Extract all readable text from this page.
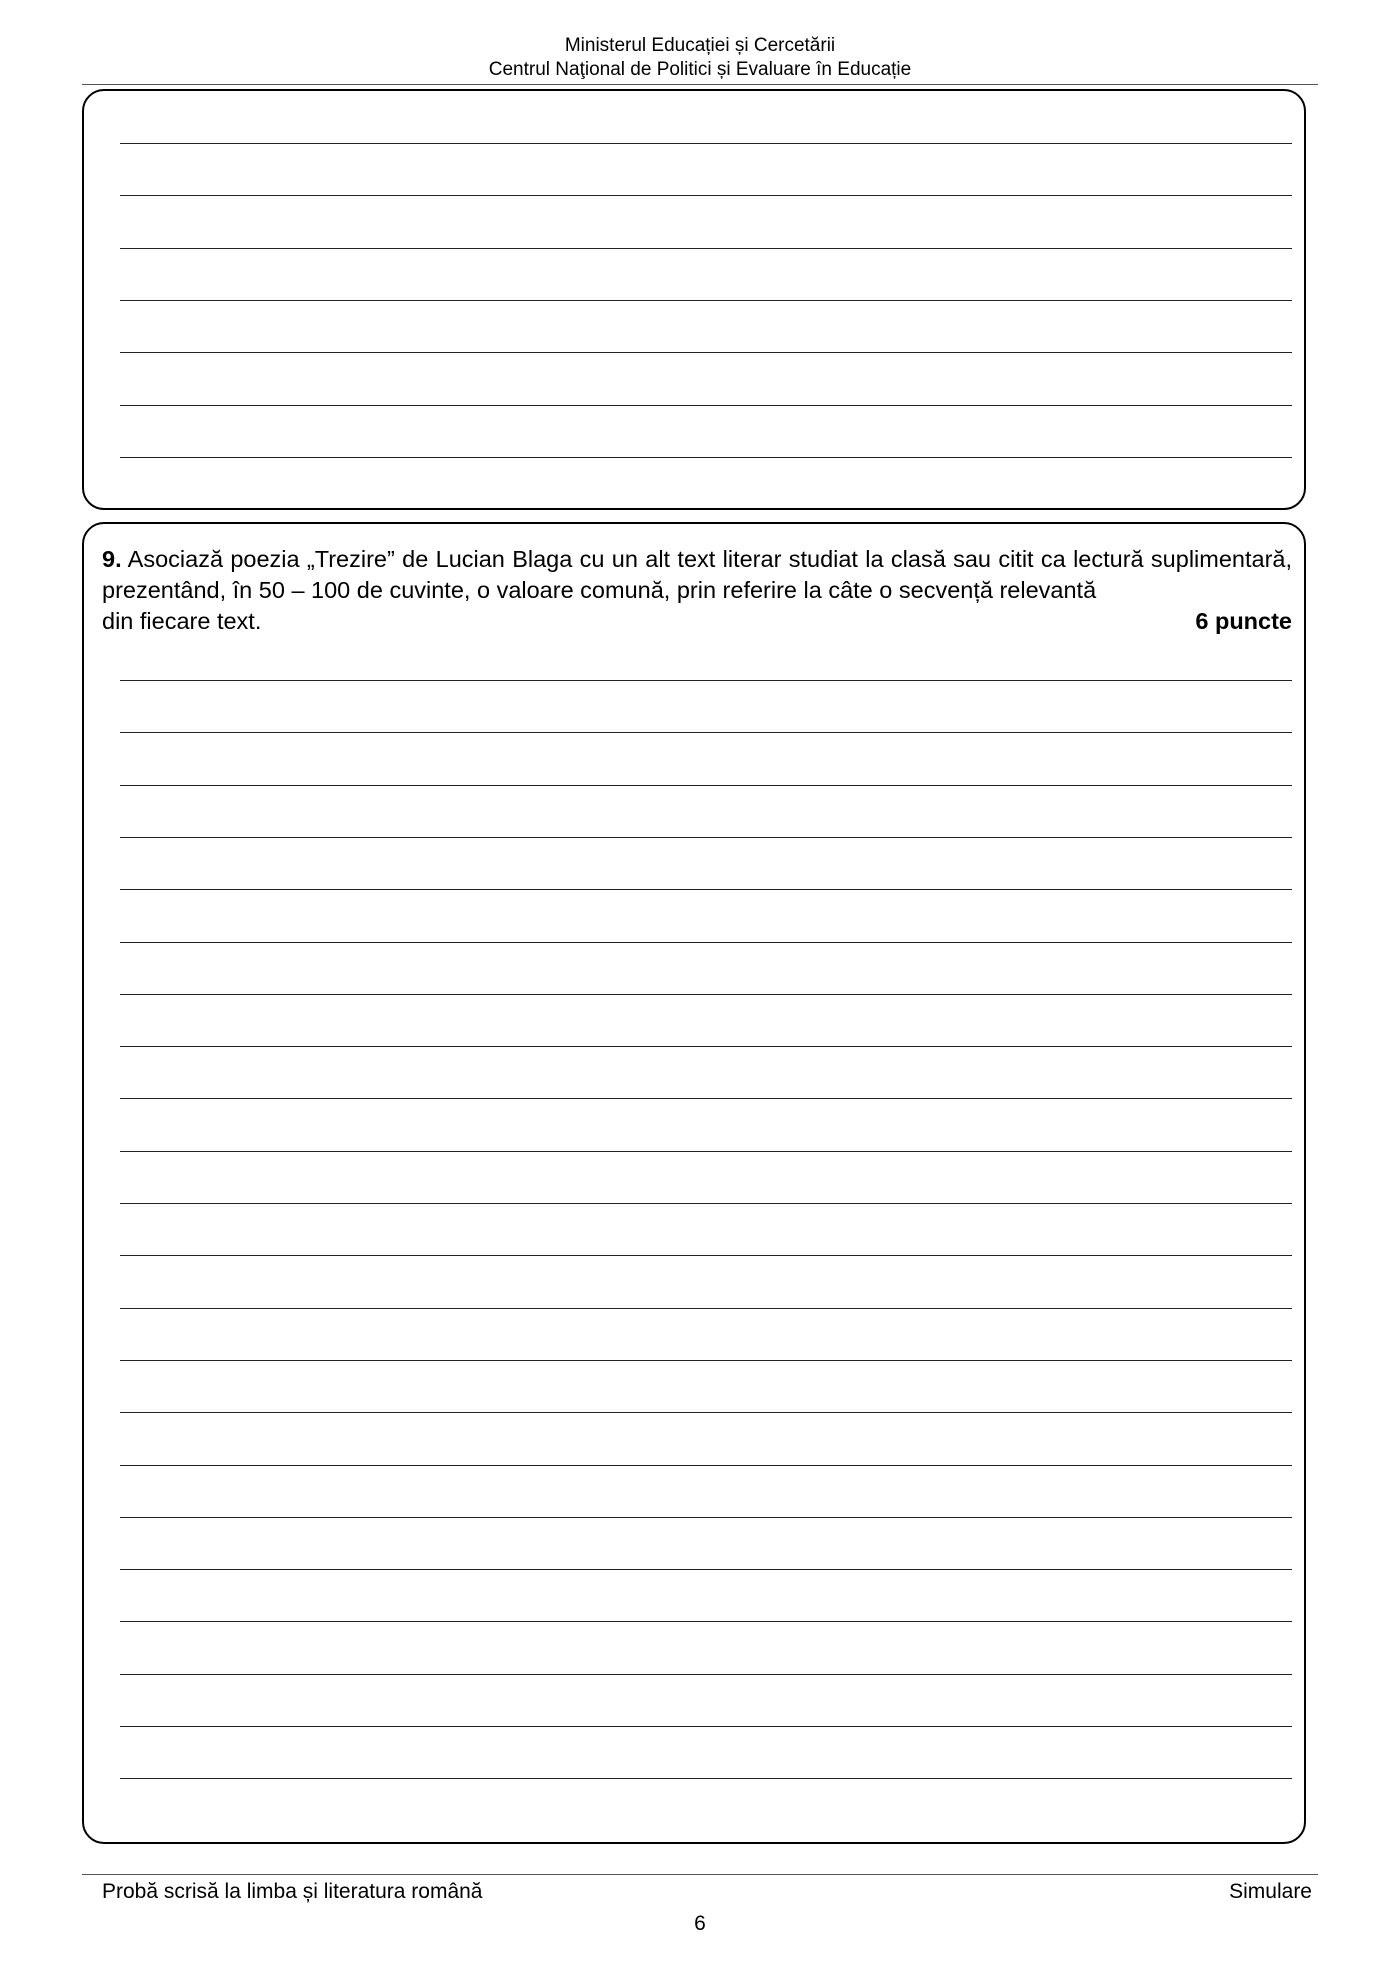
Ministerul Educației și Cercetării
Centrul Naţional de Politici și Evaluare în Educație
9. Asociază poezia „Trezire” de Lucian Blaga cu un alt text literar studiat la clasă sau citit ca lectură suplimentară, prezentând, în 50 – 100 de cuvinte, o valoare comună, prin referire la câte o secvență relevantă
din fiecare text.	6 puncte
Probă scrisă la limba și literatura română	Simulare
6
